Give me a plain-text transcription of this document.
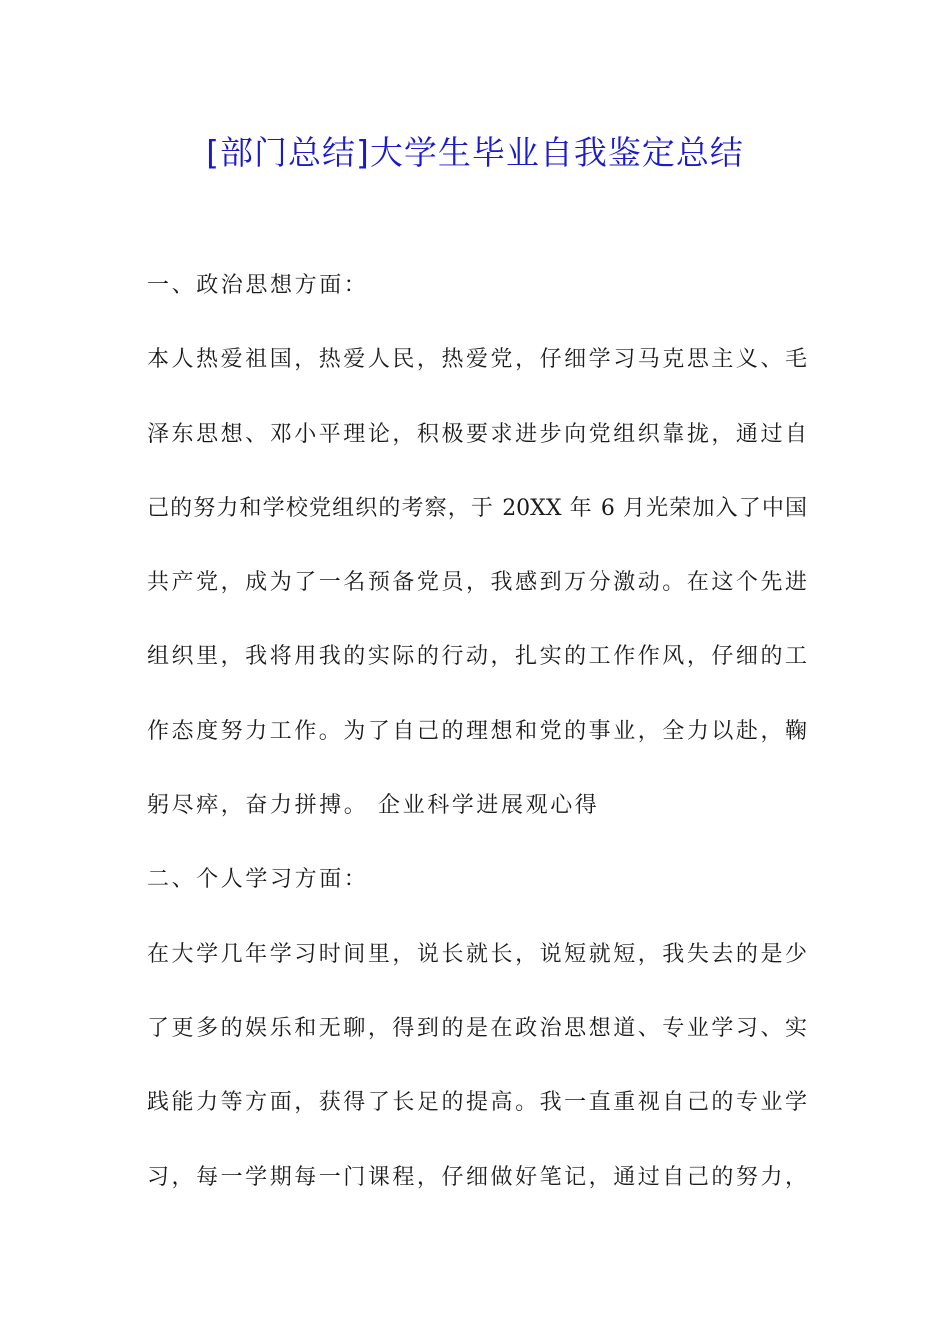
[部门总结]大学生毕业自我鉴定总结
一、政治思想方面：
本人热爱祖国，热爱人民，热爱党，仔细学习马克思主义、毛
泽东思想、邓小平理论，积极要求进步向党组织靠拢，通过自
己的努力和学校党组织的考察，于 20XX 年 6 月光荣加入了中国
共产党，成为了一名预备党员，我感到万分激动。在这个先进
组织里，我将用我的实际的行动，扎实的工作作风，仔细的工
作态度努力工作。为了自己的理想和党的事业，全力以赴，鞠
躬尽瘁，奋力拼搏。 企业科学进展观心得
二、个人学习方面：
在大学几年学习时间里，说长就长，说短就短，我失去的是少
了更多的娱乐和无聊，得到的是在政治思想道、专业学习、实
践能力等方面，获得了长足的提高。我一直重视自己的专业学
习，每一学期每一门课程，仔细做好笔记，通过自己的努力，
